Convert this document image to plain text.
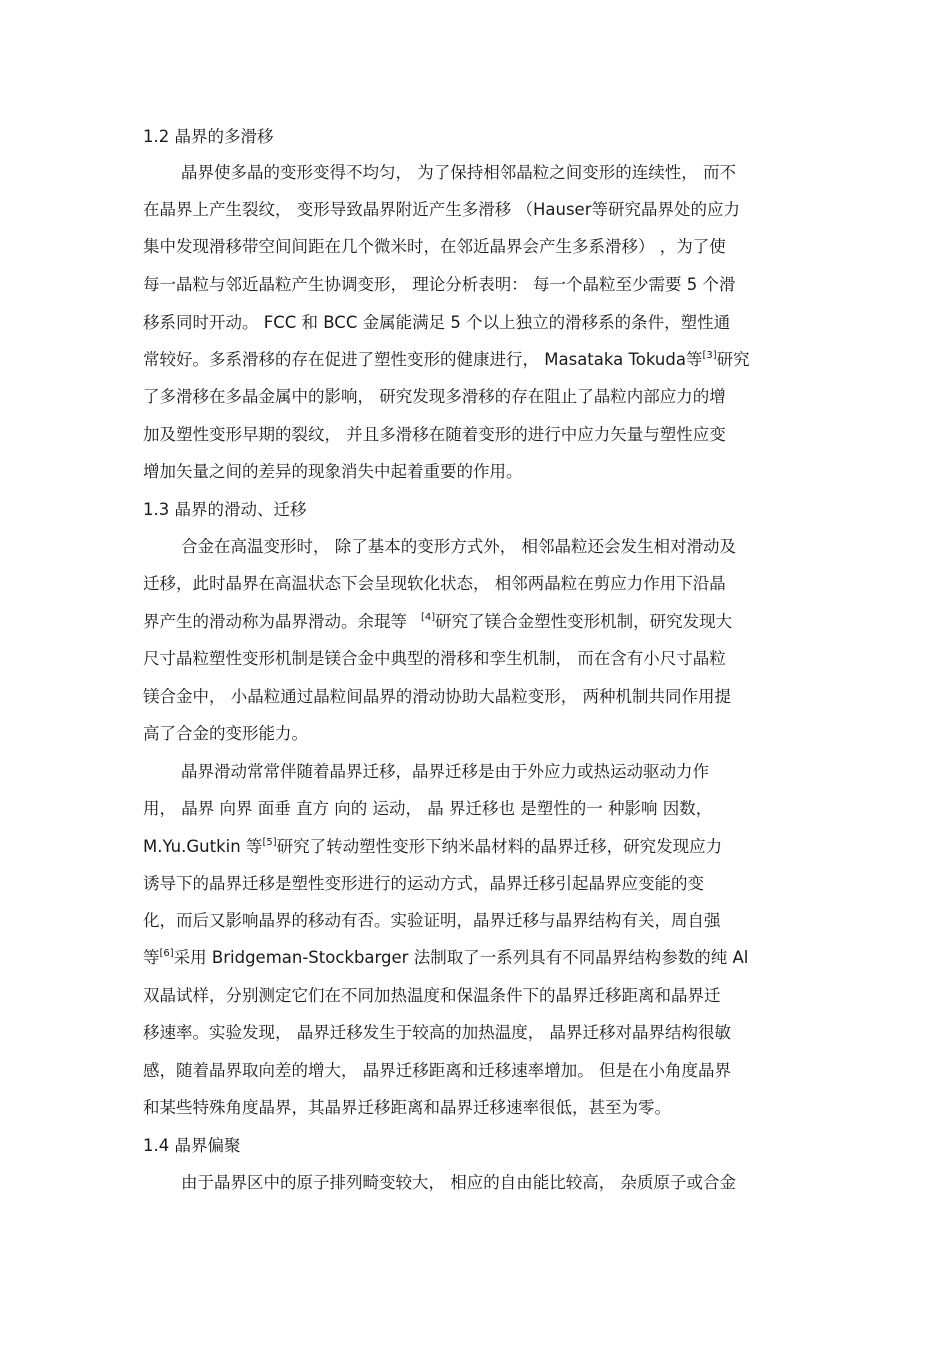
1.2 晶界的多滑移
晶界使多晶的变形变得不均匀， 为了保持相邻晶粒之间变形的连续性， 而不
在晶界上产生裂纹， 变形导致晶界附近产生多滑移 （Hauser等研究晶界处的应力
集中发现滑移带空间间距在几个微米时，在邻近晶界会产生多系滑移） ，为了使
每一晶粒与邻近晶粒产生协调变形， 理论分析表明： 每一个晶粒至少需要 5 个滑
移系同时开动。 FCC 和 BCC 金属能满足 5 个以上独立的滑移系的条件，塑性通
常较好。多系滑移的存在促进了塑性变形的健康进行， Masataka Tokuda等[3]研究
了多滑移在多晶金属中的影响， 研究发现多滑移的存在阻止了晶粒内部应力的增
加及塑性变形早期的裂纹， 并且多滑移在随着变形的进行中应力矢量与塑性应变
增加矢量之间的差异的现象消失中起着重要的作用。
1.3 晶界的滑动、迁移
合金在高温变形时， 除了基本的变形方式外， 相邻晶粒还会发生相对滑动及
迁移，此时晶界在高温状态下会呈现软化状态， 相邻两晶粒在剪应力作用下沿晶
界产生的滑动称为晶界滑动。余琨等 [4]研究了镁合金塑性变形机制，研究发现大
尺寸晶粒塑性变形机制是镁合金中典型的滑移和孪生机制， 而在含有小尺寸晶粒
镁合金中， 小晶粒通过晶粒间晶界的滑动协助大晶粒变形， 两种机制共同作用提
高了合金的变形能力。
晶界滑动常常伴随着晶界迁移，晶界迁移是由于外应力或热运动驱动力作
用， 晶界 向界 面垂 直方 向的 运动， 晶 界迁移也 是塑性的一 种影响 因数，
M.Yu.Gutkin 等[5]研究了转动塑性变形下纳米晶材料的晶界迁移，研究发现应力
诱导下的晶界迁移是塑性变形进行的运动方式，晶界迁移引起晶界应变能的变
化，而后又影响晶界的移动有否。实验证明，晶界迁移与晶界结构有关，周自强
等[6]采用 Bridgeman-Stockbarger 法制取了一系列具有不同晶界结构参数的纯 Al
双晶试样，分别测定它们在不同加热温度和保温条件下的晶界迁移距离和晶界迁
移速率。实验发现， 晶界迁移发生于较高的加热温度， 晶界迁移对晶界结构很敏
感，随着晶界取向差的增大， 晶界迁移距离和迁移速率增加。 但是在小角度晶界
和某些特殊角度晶界，其晶界迁移距离和晶界迁移速率很低，甚至为零。
1.4 晶界偏聚
由于晶界区中的原子排列畸变较大， 相应的自由能比较高， 杂质原子或合金
